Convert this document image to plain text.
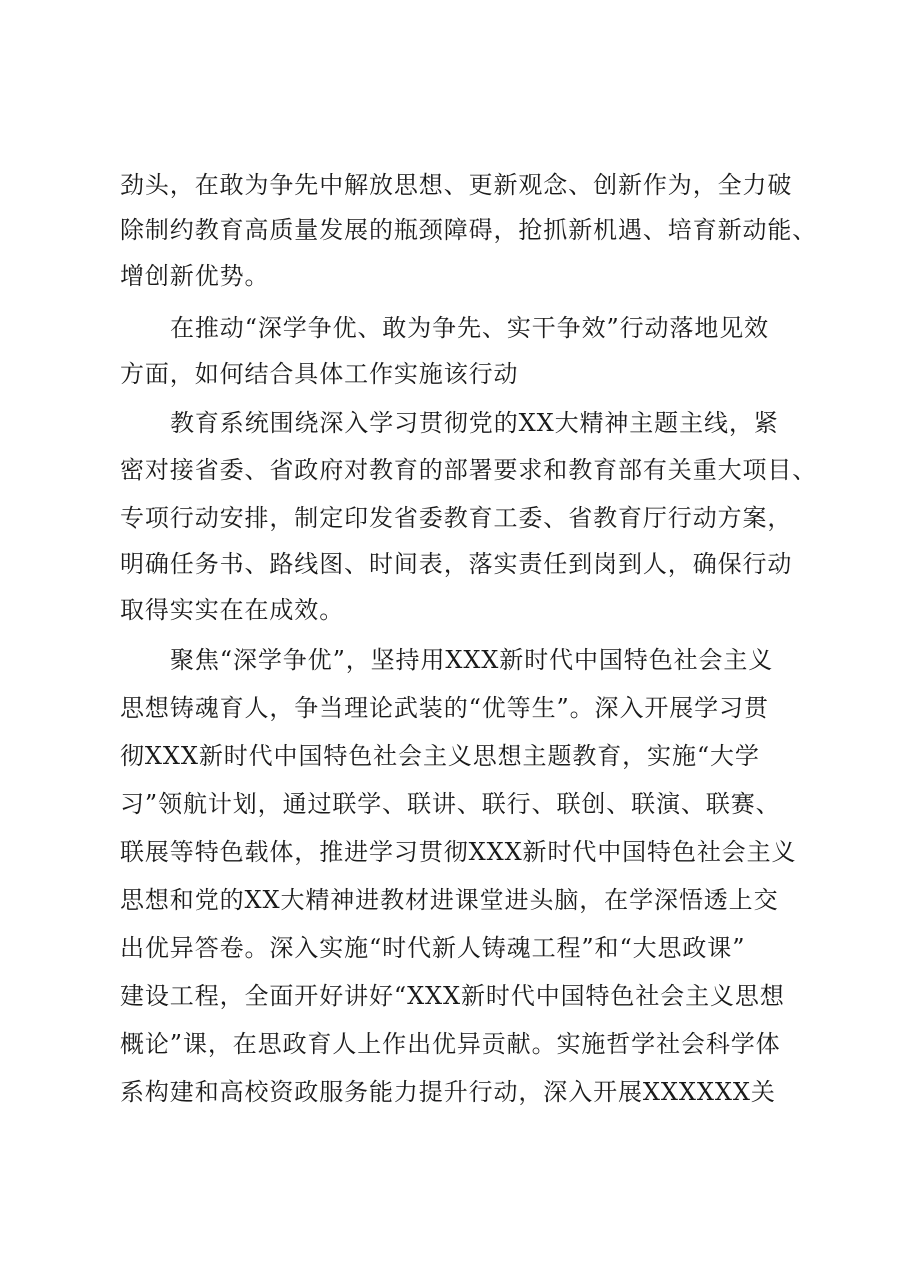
劲头，在敢为争先中解放思想、更新观念、创新作为，全力破
除制约教育高质量发展的瓶颈障碍，抢抓新机遇、培育新动能、
增创新优势。
在推动“深学争优、敢为争先、实干争效”行动落地见效
方面，如何结合具体工作实施该行动
教育系统围绕深入学习贯彻党的XX大精神主题主线，紧
密对接省委、省政府对教育的部署要求和教育部有关重大项目、
专项行动安排，制定印发省委教育工委、省教育厅行动方案，
明确任务书、路线图、时间表，落实责任到岗到人，确保行动
取得实实在在成效。
聚焦“深学争优”，坚持用XXX新时代中国特色社会主义
思想铸魂育人，争当理论武装的“优等生”。深入开展学习贯
彻XXX新时代中国特色社会主义思想主题教育，实施“大学
习”领航计划，通过联学、联讲、联行、联创、联演、联赛、
联展等特色载体，推进学习贯彻XXX新时代中国特色社会主义
思想和党的XX大精神进教材进课堂进头脑，在学深悟透上交
出优异答卷。深入实施“时代新人铸魂工程”和“大思政课”
建设工程，全面开好讲好“XXX新时代中国特色社会主义思想
概论”课，在思政育人上作出优异贡献。实施哲学社会科学体
系构建和高校资政服务能力提升行动，深入开展XXXXXX关
